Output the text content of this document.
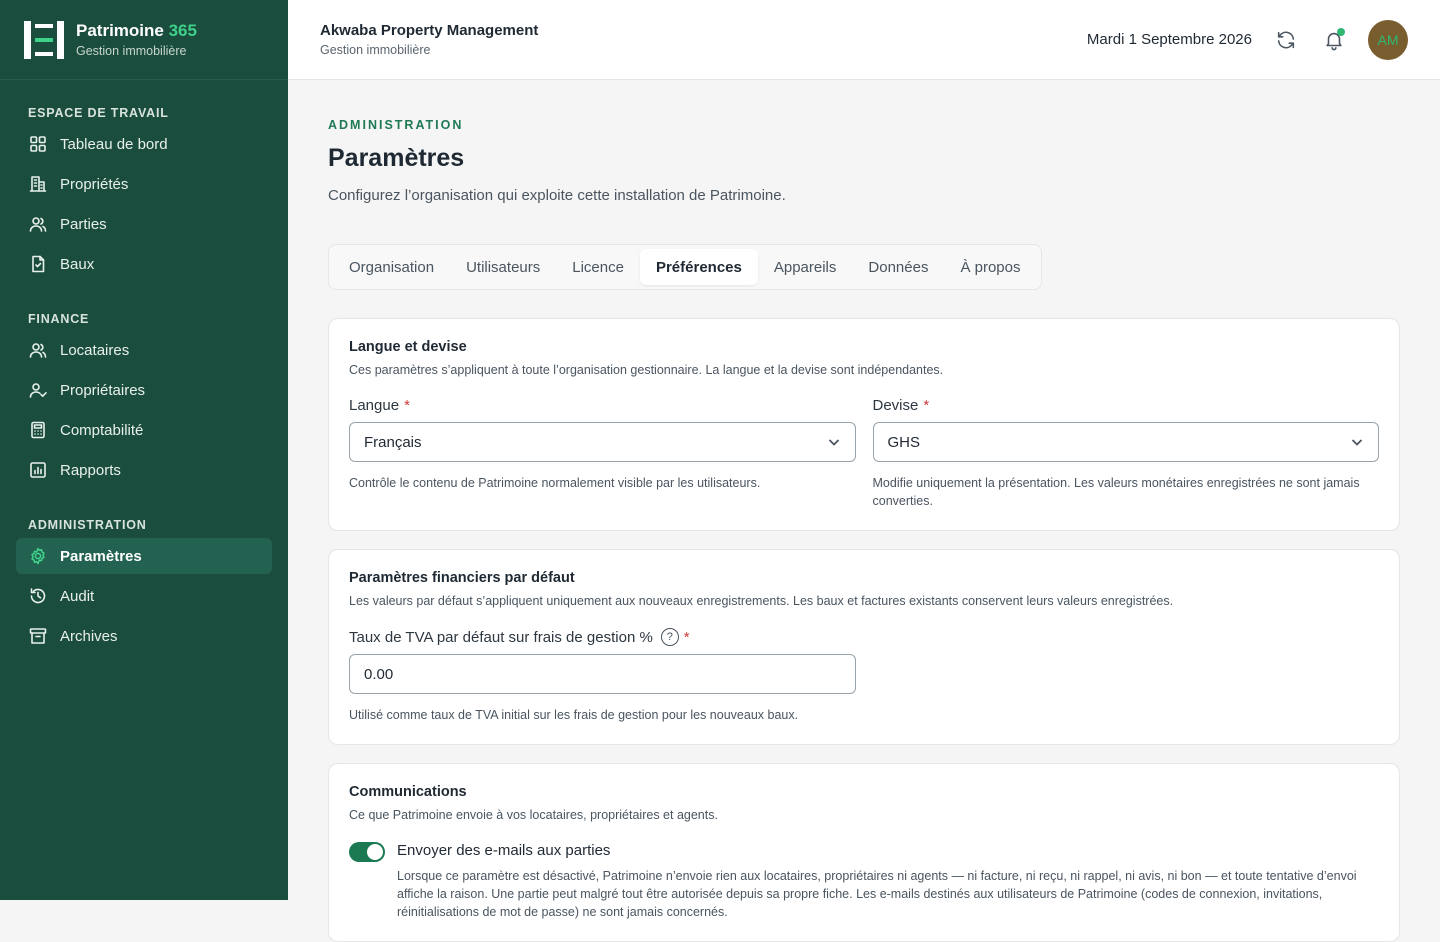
Patrimoine 365
Gestion immobilière
ESPACE DE TRAVAIL
Tableau de bord
Propriétés
Parties
Baux
FINANCE
Locataires
Propriétaires
Comptabilité
Rapports
ADMINISTRATION
Paramètres
Audit
Archives
Akwaba Property Management
Gestion immobilière
Mardi 1 Septembre 2026	AM
ADMINISTRATION
Paramètres

Configurez l’organisation qui exploite cette installation de Patrimoine.

Organisation	Utilisateurs	Licence	Préférences	Appareils	Données	À propos
Langue et devise
Ces paramètres s’appliquent à toute l’organisation gestionnaire. La langue et la devise sont indépendantes.
Langue *
Français
Contrôle le contenu de Patrimoine normalement visible par les utilisateurs.
Devise *
GHS
Modifie uniquement la présentation. Les valeurs monétaires enregistrées ne sont jamais converties.
Paramètres financiers par défaut
Les valeurs par défaut s’appliquent uniquement aux nouveaux enregistrements. Les baux et factures existants conservent leurs valeurs enregistrées.
Taux de TVA par défaut sur frais de gestion %	? *
0.00
Utilisé comme taux de TVA initial sur les frais de gestion pour les nouveaux baux.
Communications
Ce que Patrimoine envoie à vos locataires, propriétaires et agents.
Envoyer des e-mails aux parties
Lorsque ce paramètre est désactivé, Patrimoine n’envoie rien aux locataires, propriétaires ni agents — ni facture, ni reçu, ni rappel, ni avis, ni bon — et toute tentative d’envoi affiche la raison. Une partie peut malgré tout être autorisée depuis sa propre fiche. Les e-mails destinés aux utilisateurs de Patrimoine (codes de connexion, invitations, réinitialisations de mot de passe) ne sont jamais concernés.
